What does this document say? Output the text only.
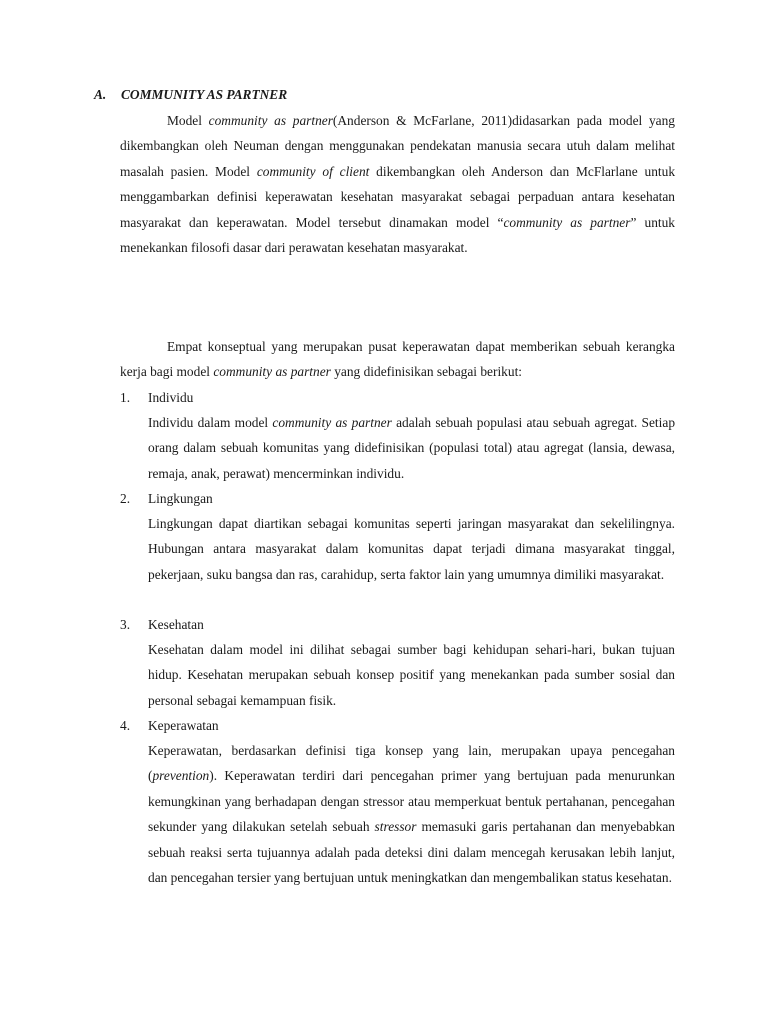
A. COMMUNITY AS PARTNER

Model community as partner(Anderson & McFarlane, 2011)didasarkan pada model yang dikembangkan oleh Neuman dengan menggunakan pendekatan manusia secara utuh dalam melihat masalah pasien. Model community of client dikembangkan oleh Anderson dan McFlarlane untuk menggambarkan definisi keperawatan kesehatan masyarakat sebagai perpaduan antara kesehatan masyarakat dan keperawatan. Model tersebut dinamakan model “community as partner” untuk menekankan filosofi dasar dari perawatan kesehatan masyarakat.

Empat konseptual yang merupakan pusat keperawatan dapat memberikan sebuah kerangka kerja bagi model community as partner yang didefinisikan sebagai berikut:

1. Individu

Individu dalam model community as partner adalah sebuah populasi atau sebuah agregat. Setiap orang dalam sebuah komunitas yang didefinisikan (populasi total) atau agregat (lansia, dewasa, remaja, anak, perawat) mencerminkan individu.

2. Lingkungan

Lingkungan dapat diartikan sebagai komunitas seperti jaringan masyarakat dan sekelilingnya. Hubungan antara masyarakat dalam komunitas dapat terjadi dimana masyarakat tinggal, pekerjaan, suku bangsa dan ras, carahidup, serta faktor lain yang umumnya dimiliki masyarakat.

3. Kesehatan

Kesehatan dalam model ini dilihat sebagai sumber bagi kehidupan sehari-hari, bukan tujuan hidup. Kesehatan merupakan sebuah konsep positif yang menekankan pada sumber sosial dan personal sebagai kemampuan fisik.

4. Keperawatan

Keperawatan, berdasarkan definisi tiga konsep yang lain, merupakan upaya pencegahan (prevention). Keperawatan terdiri dari pencegahan primer yang bertujuan pada menurunkan kemungkinan yang berhadapan dengan stressor atau memperkuat bentuk pertahanan, pencegahan sekunder yang dilakukan setelah sebuah stressor memasuki garis pertahanan dan menyebabkan sebuah reaksi serta tujuannya adalah pada deteksi dini dalam mencegah kerusakan lebih lanjut, dan pencegahan tersier yang bertujuan untuk meningkatkan dan mengembalikan status kesehatan.
